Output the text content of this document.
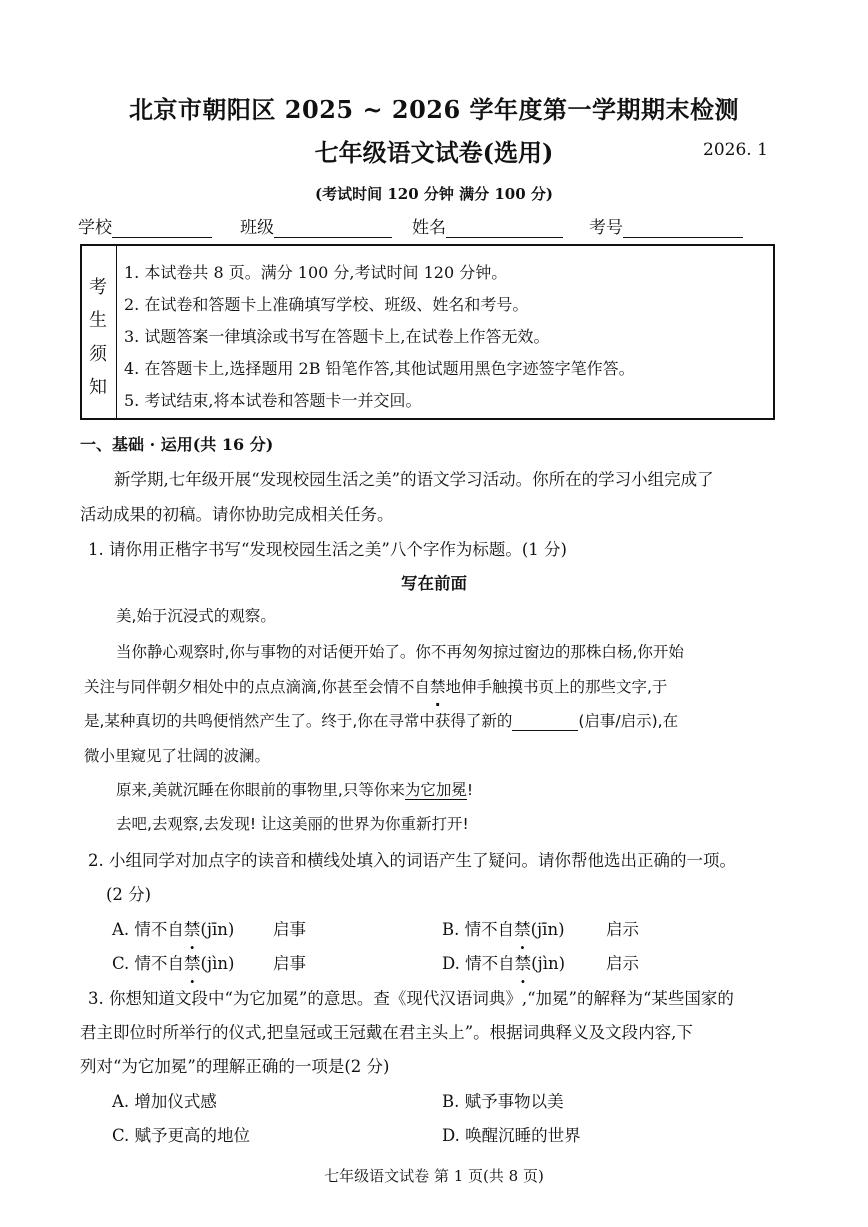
北京市朝阳区 2025 ~ 2026 学年度第一学期期末检测
七年级语文试卷(选用)	2026. 1
(考试时间 120 分钟 满分 100 分)
学校	班级	姓名	考号
考
生
须
知
1. 本试卷共 8 页。满分 100 分,考试时间 120 分钟。
2. 在试卷和答题卡上准确填写学校、班级、姓名和考号。
3. 试题答案一律填涂或书写在答题卡上,在试卷上作答无效。
4. 在答题卡上,选择题用 2B 铅笔作答,其他试题用黑色字迹签字笔作答。
5. 考试结束,将本试卷和答题卡一并交回。
一、基础 · 运用(共 16 分)
新学期,七年级开展“发现校园生活之美”的语文学习活动。你所在的学习小组完成了
活动成果的初稿。请你协助完成相关任务。
1. 请你用正楷字书写“发现校园生活之美”八个字作为标题。(1 分)
写在前面
美,始于沉浸式的观察。
当你静心观察时,你与事物的对话便开始了。你不再匆匆掠过窗边的那株白杨,你开始
关注与同伴朝夕相处中的点点滴滴,你甚至会情不自禁地伸手触摸书页上的那些文字,于
是,某种真切的共鸣便悄然产生了。终于,你在寻常中获得了新的	(启事/启示),在
微小里窥见了壮阔的波澜。
原来,美就沉睡在你眼前的事物里,只等你来为它加冕!
去吧,去观察,去发现! 让这美丽的世界为你重新打开!
2. 小组同学对加点字的读音和横线处填入的词语产生了疑问。请你帮他选出正确的一项。
(2 分)
A. 情不自禁(jīn) 启事	B. 情不自禁(jīn)	启示
C. 情不自禁(jìn) 启事	D. 情不自禁(jìn) 启示
3. 你想知道文段中“为它加冕”的意思。查《现代汉语词典》,“加冕”的解释为“某些国家的
君主即位时所举行的仪式,把皇冠或王冠戴在君主头上”。根据词典释义及文段内容,下
列对“为它加冕”的理解正确的一项是(2 分)
A. 增加仪式感	B. 赋予事物以美
C. 赋予更高的地位	D. 唤醒沉睡的世界
七年级语文试卷 第 1 页(共 8 页)
